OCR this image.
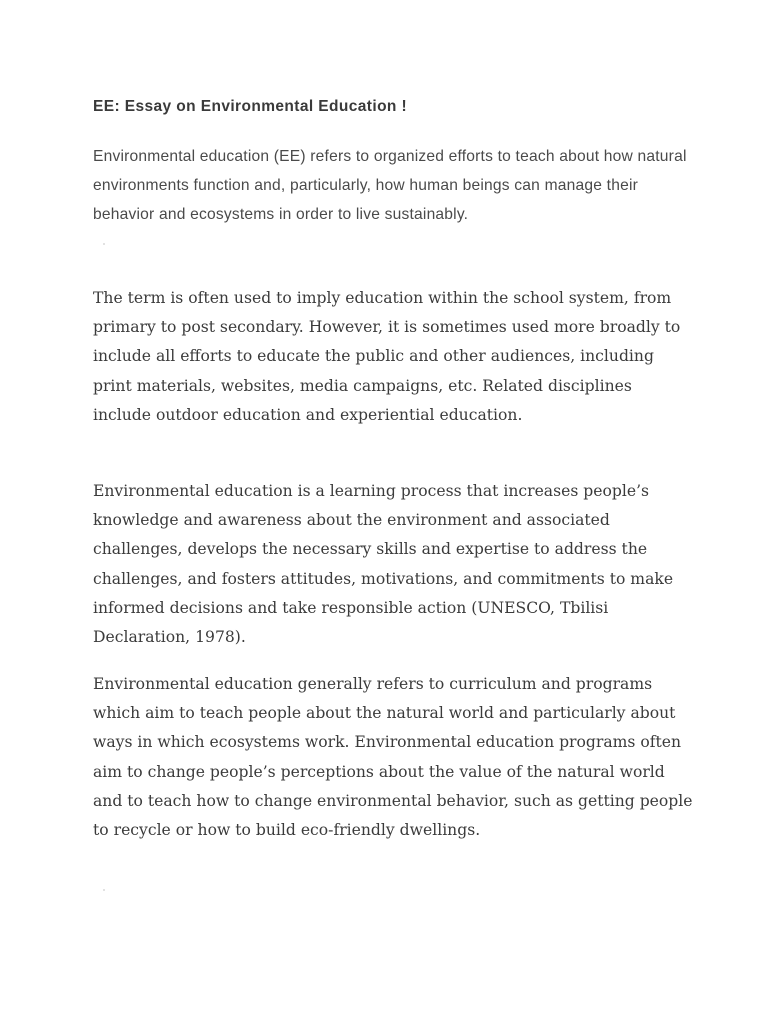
EE: Essay on Environmental Education !

Environmental education (EE) refers to organized efforts to teach about how natural environments function and, particularly, how human beings can manage their behavior and ecosystems in order to live sustainably.

The term is often used to imply education within the school system, from primary to post secondary. However, it is sometimes used more broadly to include all efforts to educate the public and other audiences, including print materials, websites, media campaigns, etc. Related disciplines include outdoor education and experiential education.

Environmental education is a learning process that increases people’s knowledge and awareness about the environment and associated challenges, develops the necessary skills and expertise to address the challenges, and fosters attitudes, motivations, and commitments to make informed decisions and take responsible action (UNESCO, Tbilisi Declaration, 1978).

Environmental education generally refers to curriculum and programs which aim to teach people about the natural world and particularly about ways in which ecosystems work. Environmental education programs often aim to change people’s perceptions about the value of the natural world and to teach how to change environmental behavior, such as getting people to recycle or how to build eco-friendly dwellings.
